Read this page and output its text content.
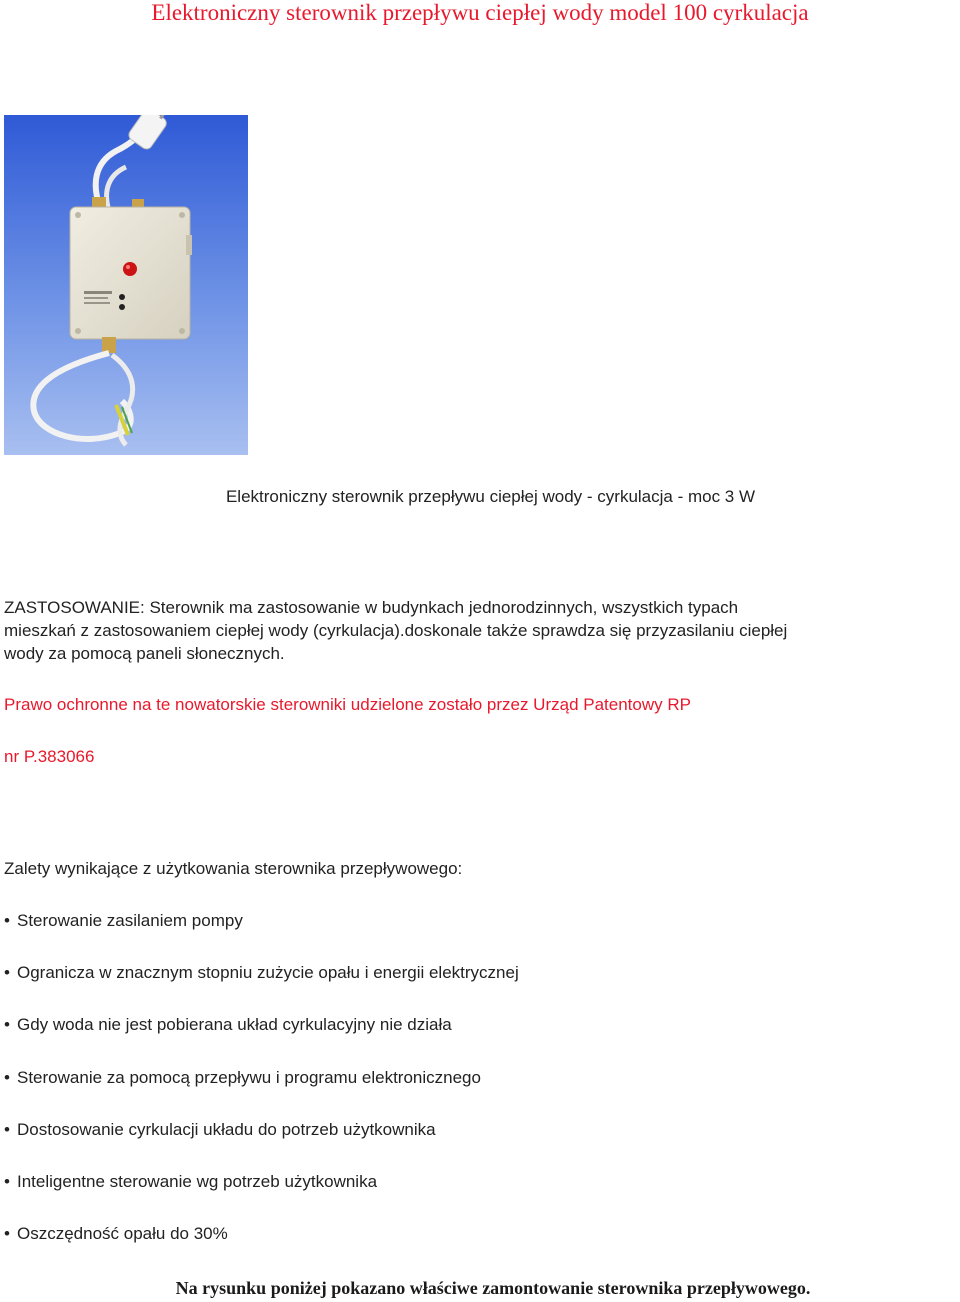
Elektroniczny sterownik przepływu ciepłej wody model 100 cyrkulacja
Elektroniczny sterownik przepływu ciepłej wody - cyrkulacja - moc 3 W
ZASTOSOWANIE: Sterownik ma zastosowanie w budynkach jednorodzinnych, wszystkich typach
mieszkań z zastosowaniem ciepłej wody (cyrkulacja).doskonale także sprawdza się przyzasilaniu ciepłej
wody za pomocą paneli słonecznych.
Prawo ochronne na te nowatorskie sterowniki udzielone zostało przez Urząd Patentowy RP
nr P.383066
Zalety wynikające z użytkowania sterownika przepływowego:
• Sterowanie zasilaniem pompy
• Ogranicza w znacznym stopniu zużycie opału i energii elektrycznej
• Gdy woda nie jest pobierana układ cyrkulacyjny nie działa
• Sterowanie za pomocą przepływu i programu elektronicznego
• Dostosowanie cyrkulacji układu do potrzeb użytkownika
• Inteligentne sterowanie wg potrzeb użytkownika
• Oszczędność opału do 30%
Na rysunku poniżej pokazano właściwe zamontowanie sterownika przepływowego.
